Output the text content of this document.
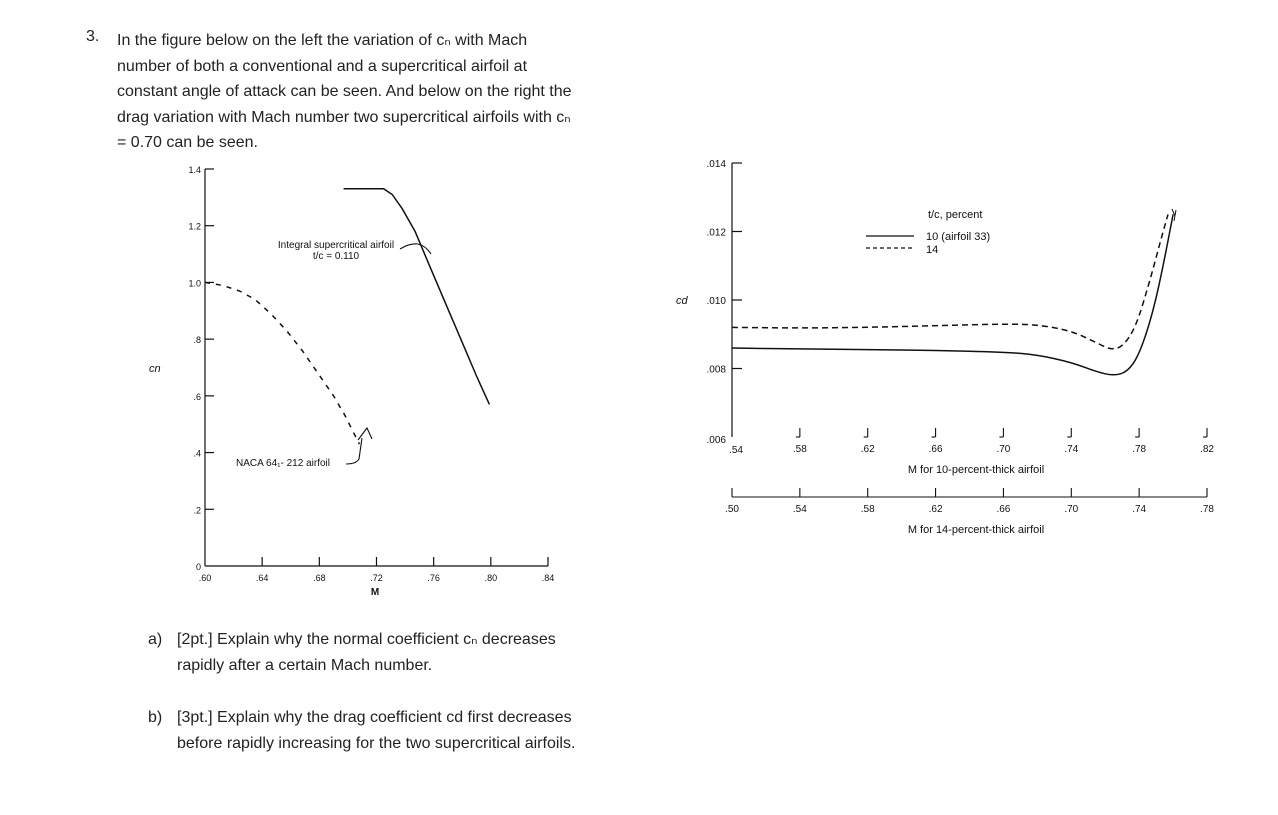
3. In the figure below on the left the variation of cₙ with Mach
number of both a conventional and a supercritical airfoil at
constant angle of attack can be seen. And below on the right the
drag variation with Mach number two supercritical airfoils with cₙ
= 0.70 can be seen.
0
.2
.4
.6
.8
1.0
1.2
1.4
.60	.64	.68	.72	.76	.80	.84
cn
M
Integral supercritical airfoil
t/c = 0.110
NACA 64₁- 212 airfoil
.006
.008
.010
.012
.014
.54	.58	.62	.66	.70	.74	.78	.82
.50	.54	.58	.62	.66	.70	.74	.78
cd
M for 10-percent-thick airfoil
M for 14-percent-thick airfoil
t/c, percent
10 (airfoil 33)
14
a) [2pt.] Explain why the normal coefficient cₙ decreases
rapidly after a certain Mach number.
b) [3pt.] Explain why the drag coefficient cd first decreases
before rapidly increasing for the two supercritical airfoils.
